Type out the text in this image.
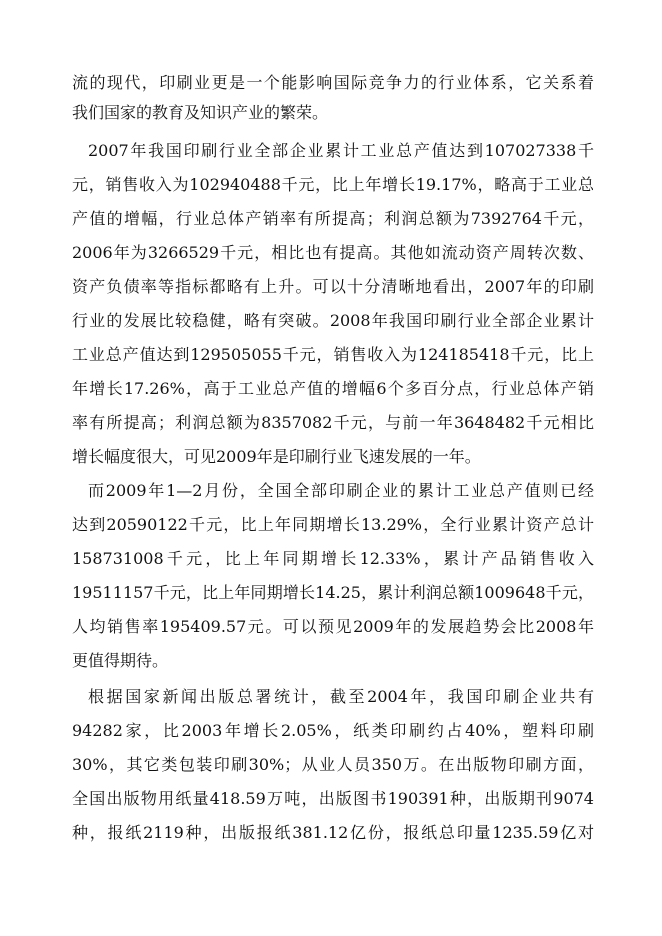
流的现代，印刷业更是一个能影响国际竞争力的行业体系，它关系着

我们国家的教育及知识产业的繁荣。

2007年我国印刷行业全部企业累计工业总产值达到107027338千

元，销售收入为102940488千元，比上年增长19.17%，略高于工业总

产值的增幅，行业总体产销率有所提高；利润总额为7392764千元，

2006年为3266529千元，相比也有提高。其他如流动资产周转次数、

资产负债率等指标都略有上升。可以十分清晰地看出，2007年的印刷

行业的发展比较稳健，略有突破。2008年我国印刷行业全部企业累计

工业总产值达到129505055千元，销售收入为124185418千元，比上

年增长17.26%，高于工业总产值的增幅6个多百分点，行业总体产销

率有所提高；利润总额为8357082千元，与前一年3648482千元相比

增长幅度很大，可见2009年是印刷行业飞速发展的一年。

而2009年1—2月份，全国全部印刷企业的累计工业总产值则已经

达到20590122千元，比上年同期增长13.29%，全行业累计资产总计

158731008千元，比上年同期增长12.33%，累计产品销售收入

19511157千元，比上年同期增长14.25，累计利润总额1009648千元，

人均销售率195409.57元。可以预见2009年的发展趋势会比2008年

更值得期待。

根据国家新闻出版总署统计，截至2004年，我国印刷企业共有

94282家，比2003年增长2.05%，纸类印刷约占40%，塑料印刷

30%，其它类包装印刷30%；从业人员350万。在出版物印刷方面，

全国出版物用纸量418.59万吨，出版图书190391种，出版期刊9074

种，报纸2119种，出版报纸381.12亿份，报纸总印量1235.59亿对
